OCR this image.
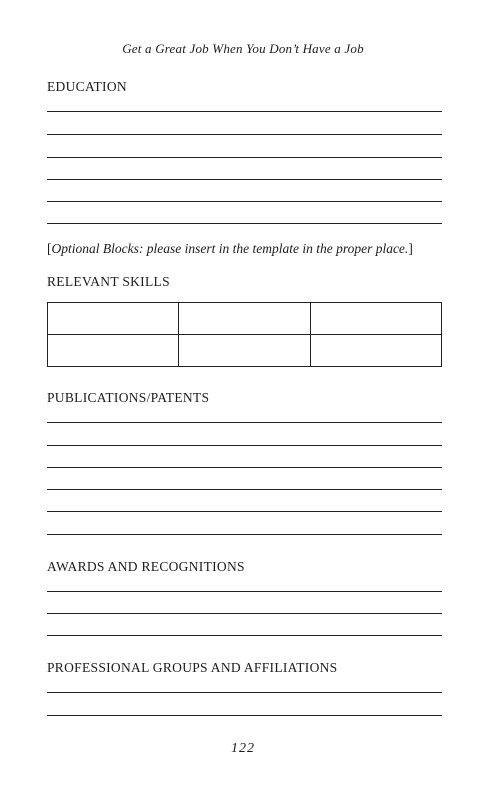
Get a Great Job When You Don’t Have a Job
EDUCATION
[Optional Blocks: please insert in the template in the proper place.]
RELEVANT SKILLS

PUBLICATIONS/PATENTS
AWARDS AND RECOGNITIONS
PROFESSIONAL GROUPS AND AFFILIATIONS
122
